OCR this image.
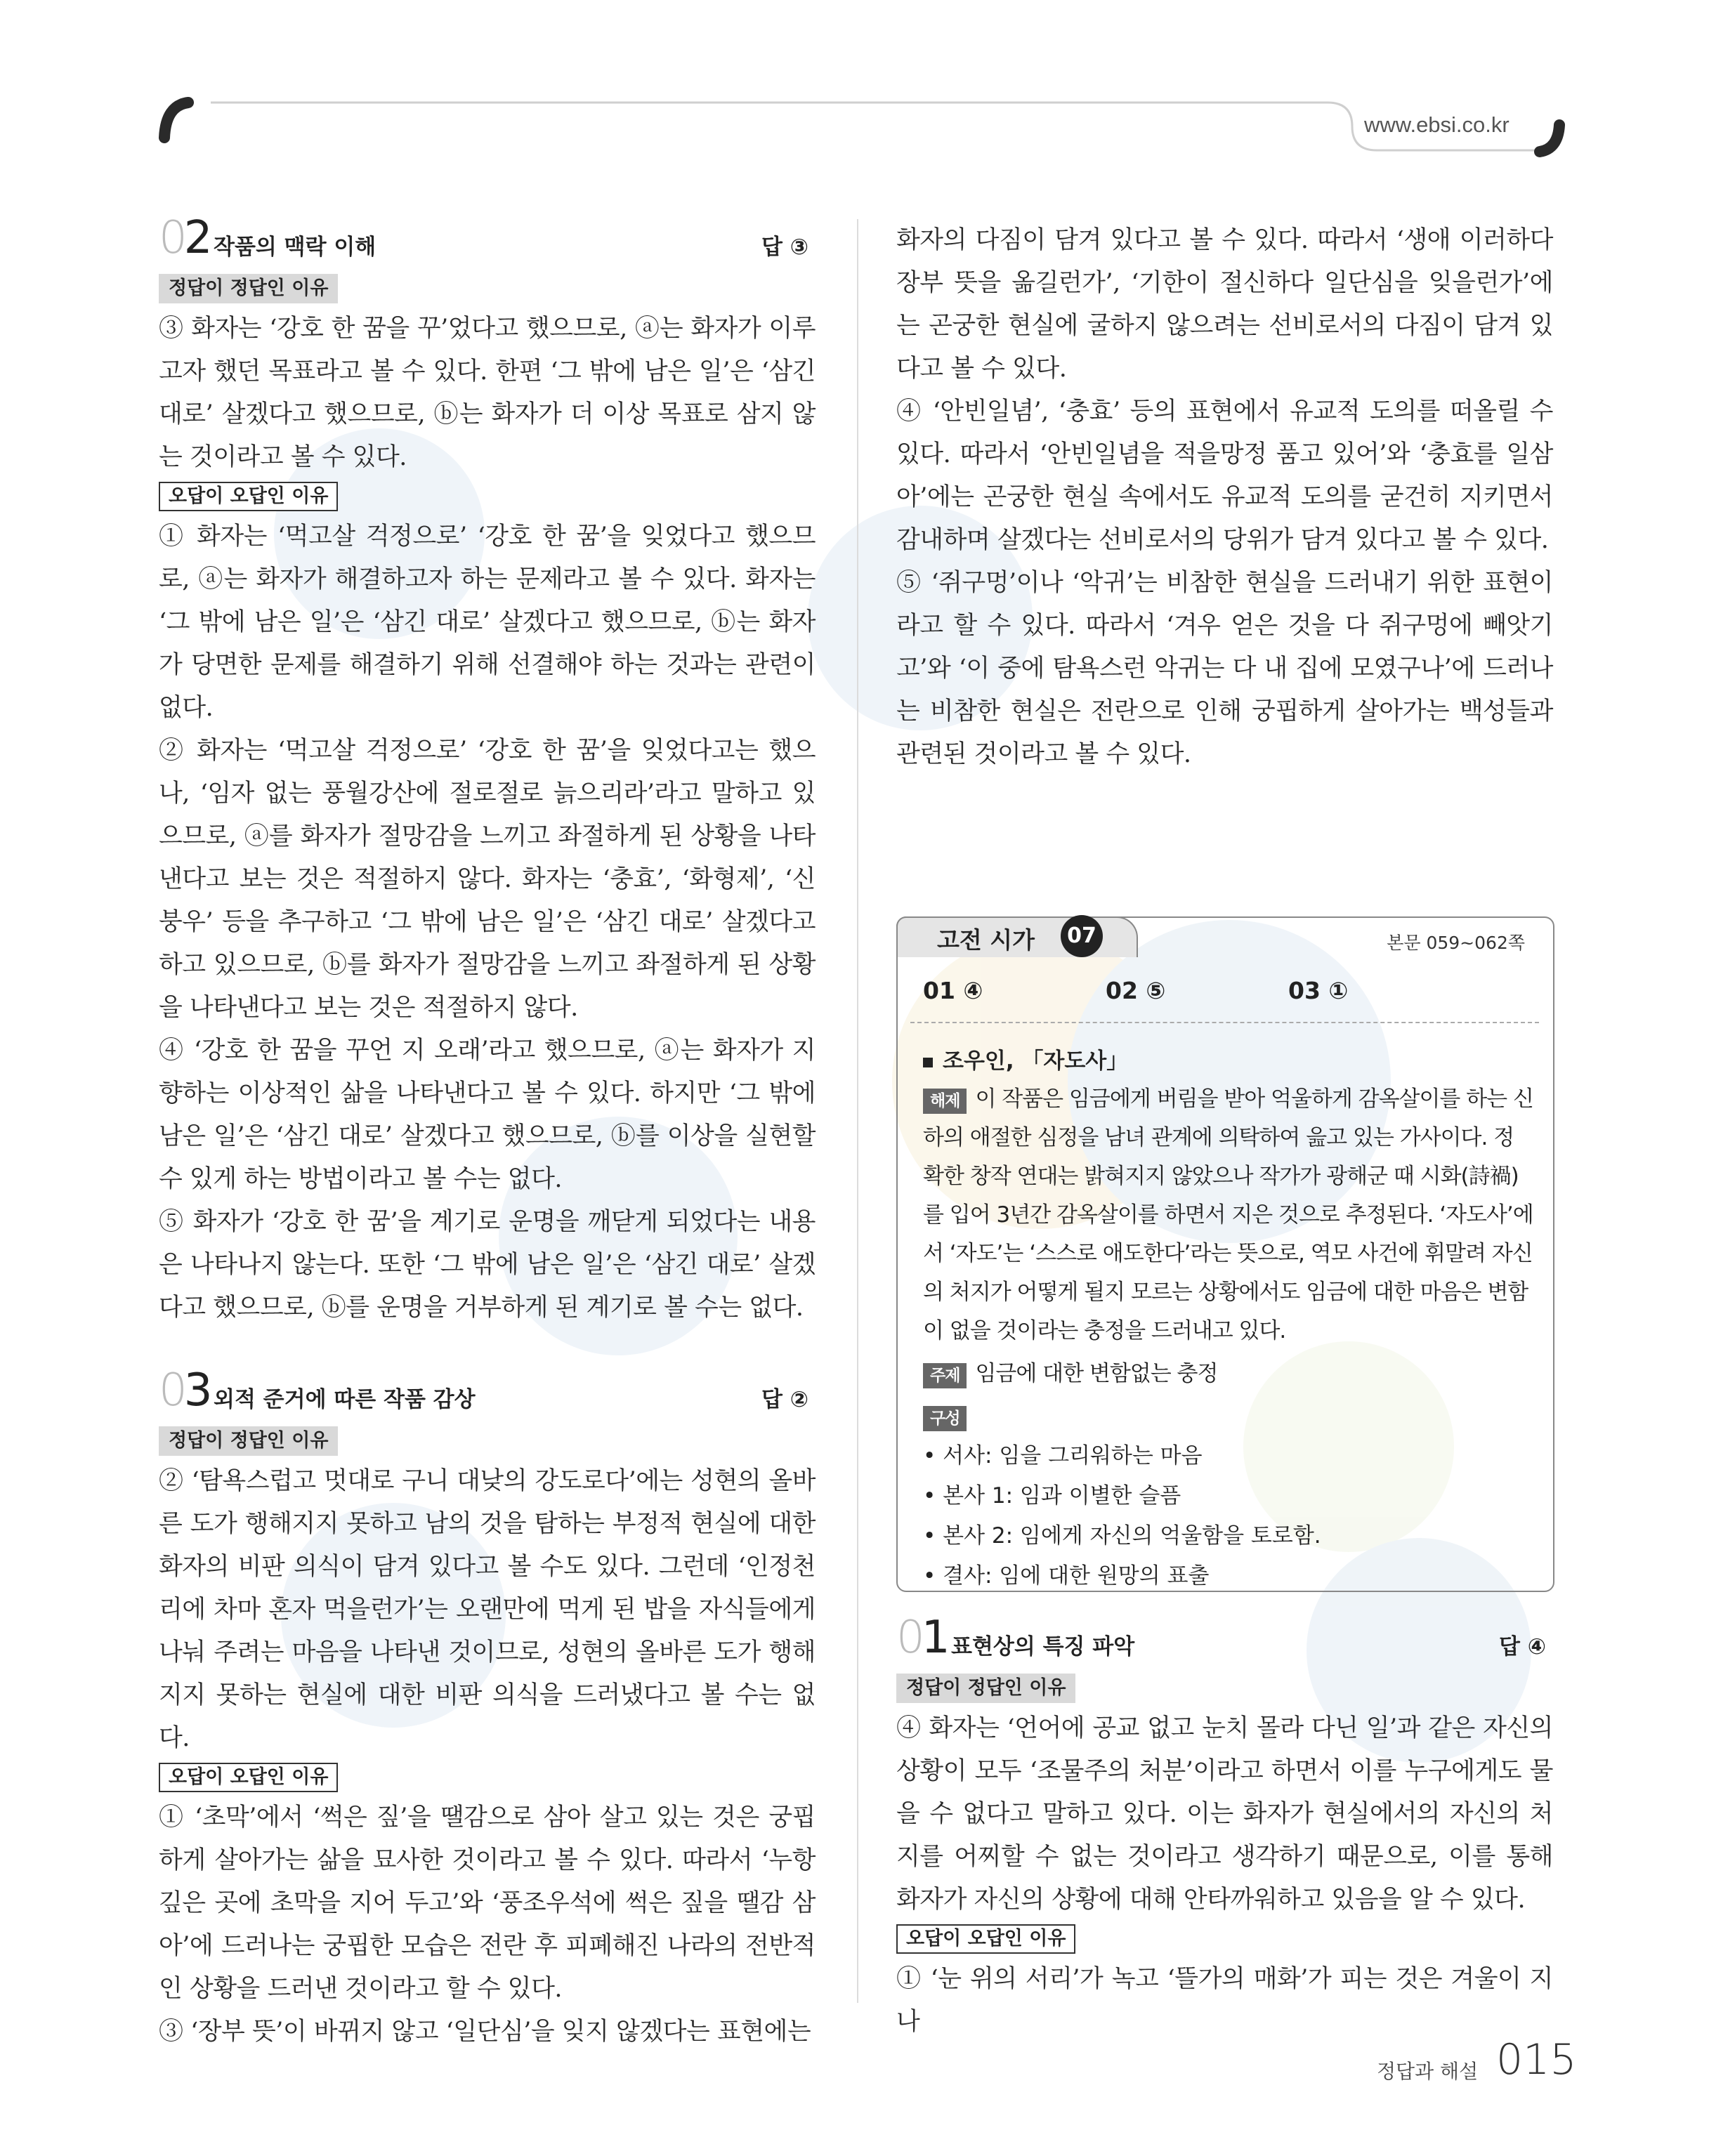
www.ebsi.co.kr
02 작품의 맥락 이해	답 ③
정답이 정답인 이유

③ 화자는 ‘강호 한 꿈을 꾸’었다고 했으므로, ⓐ는 화자가 이루고자 했던 목표라고 볼 수 있다. 한편 ‘그 밖에 남은 일’은 ‘삼긴 대로’ 살겠다고 했으므로, ⓑ는 화자가 더 이상 목표로 삼지 않는 것이라고 볼 수 있다.

오답이 오답인 이유

① 화자는 ‘먹고살 걱정으로’ ‘강호 한 꿈’을 잊었다고 했으므로, ⓐ는 화자가 해결하고자 하는 문제라고 볼 수 있다. 화자는 ‘그 밖에 남은 일’은 ‘삼긴 대로’ 살겠다고 했으므로, ⓑ는 화자가 당면한 문제를 해결하기 위해 선결해야 하는 것과는 관련이 없다.

② 화자는 ‘먹고살 걱정으로’ ‘강호 한 꿈’을 잊었다고는 했으나, ‘임자 없는 풍월강산에 절로절로 늙으리라’라고 말하고 있으므로, ⓐ를 화자가 절망감을 느끼고 좌절하게 된 상황을 나타낸다고 보는 것은 적절하지 않다. 화자는 ‘충효’, ‘화형제’, ‘신붕우’ 등을 추구하고 ‘그 밖에 남은 일’은 ‘삼긴 대로’ 살겠다고 하고 있으므로, ⓑ를 화자가 절망감을 느끼고 좌절하게 된 상황을 나타낸다고 보는 것은 적절하지 않다.

④ ‘강호 한 꿈을 꾸언 지 오래’라고 했으므로, ⓐ는 화자가 지향하는 이상적인 삶을 나타낸다고 볼 수 있다. 하지만 ‘그 밖에 남은 일’은 ‘삼긴 대로’ 살겠다고 했으므로, ⓑ를 이상을 실현할 수 있게 하는 방법이라고 볼 수는 없다.

⑤ 화자가 ‘강호 한 꿈’을 계기로 운명을 깨닫게 되었다는 내용은 나타나지 않는다. 또한 ‘그 밖에 남은 일’은 ‘삼긴 대로’ 살겠다고 했으므로, ⓑ를 운명을 거부하게 된 계기로 볼 수는 없다.

03 외적 준거에 따른 작품 감상	답 ②
정답이 정답인 이유

② ‘탐욕스럽고 멋대로 구니 대낮의 강도로다’에는 성현의 올바른 도가 행해지지 못하고 남의 것을 탐하는 부정적 현실에 대한 화자의 비판 의식이 담겨 있다고 볼 수도 있다. 그런데 ‘인정천리에 차마 혼자 먹을런가’는 오랜만에 먹게 된 밥을 자식들에게 나눠 주려는 마음을 나타낸 것이므로, 성현의 올바른 도가 행해지지 못하는 현실에 대한 비판 의식을 드러냈다고 볼 수는 없다.

오답이 오답인 이유

① ‘초막’에서 ‘썩은 짚’을 땔감으로 삼아 살고 있는 것은 궁핍하게 살아가는 삶을 묘사한 것이라고 볼 수 있다. 따라서 ‘누항 깊은 곳에 초막을 지어 두고’와 ‘풍조우석에 썩은 짚을 땔감 삼아’에 드러나는 궁핍한 모습은 전란 후 피폐해진 나라의 전반적인 상황을 드러낸 것이라고 할 수 있다.

③ ‘장부 뜻’이 바뀌지 않고 ‘일단심’을 잊지 않겠다는 표현에는

화자의 다짐이 담겨 있다고 볼 수 있다. 따라서 ‘생애 이러하다 장부 뜻을 옮길런가’, ‘기한이 절신하다 일단심을 잊을런가’에는 곤궁한 현실에 굴하지 않으려는 선비로서의 다짐이 담겨 있다고 볼 수 있다.

④ ‘안빈일념’, ‘충효’ 등의 표현에서 유교적 도의를 떠올릴 수 있다. 따라서 ‘안빈일념을 적을망정 품고 있어’와 ‘충효를 일삼아’에는 곤궁한 현실 속에서도 유교적 도의를 굳건히 지키면서 감내하며 살겠다는 선비로서의 당위가 담겨 있다고 볼 수 있다.

⑤ ‘쥐구멍’이나 ‘악귀’는 비참한 현실을 드러내기 위한 표현이라고 할 수 있다. 따라서 ‘겨우 얻은 것을 다 쥐구멍에 빼앗기고’와 ‘이 중에 탐욕스런 악귀는 다 내 집에 모였구나’에 드러나는 비참한 현실은 전란으로 인해 궁핍하게 살아가는 백성들과 관련된 것이라고 볼 수 있다.

고전 시가	07	본문 059~062쪽
01 ④	02 ⑤	03 ①
조우인, 「자도사」

해제 이 작품은 임금에게 버림을 받아 억울하게 감옥살이를 하는 신하의 애절한 심정을 남녀 관계에 의탁하여 읊고 있는 가사이다. 정확한 창작 연대는 밝혀지지 않았으나 작가가 광해군 때 시화(詩禍)를 입어 3년간 감옥살이를 하면서 지은 것으로 추정된다. ‘자도사’에서 ‘자도’는 ‘스스로 애도한다’라는 뜻으로, 역모 사건에 휘말려 자신의 처지가 어떻게 될지 모르는 상황에서도 임금에 대한 마음은 변함이 없을 것이라는 충정을 드러내고 있다.

주제 임금에 대한 변함없는 충정

구성

• 서사: 임을 그리워하는 마음

• 본사 1: 임과 이별한 슬픔

• 본사 2: 임에게 자신의 억울함을 토로함.

• 결사: 임에 대한 원망의 표출

01 표현상의 특징 파악	답 ④
정답이 정답인 이유

④ 화자는 ‘언어에 공교 없고 눈치 몰라 다닌 일’과 같은 자신의 상황이 모두 ‘조물주의 처분’이라고 하면서 이를 누구에게도 물을 수 없다고 말하고 있다. 이는 화자가 현실에서의 자신의 처지를 어찌할 수 없는 것이라고 생각하기 때문으로, 이를 통해 화자가 자신의 상황에 대해 안타까워하고 있음을 알 수 있다.

오답이 오답인 이유

① ‘눈 위의 서리’가 녹고 ‘뜰가의 매화’가 피는 것은 겨울이 지나

정답과 해설 015
